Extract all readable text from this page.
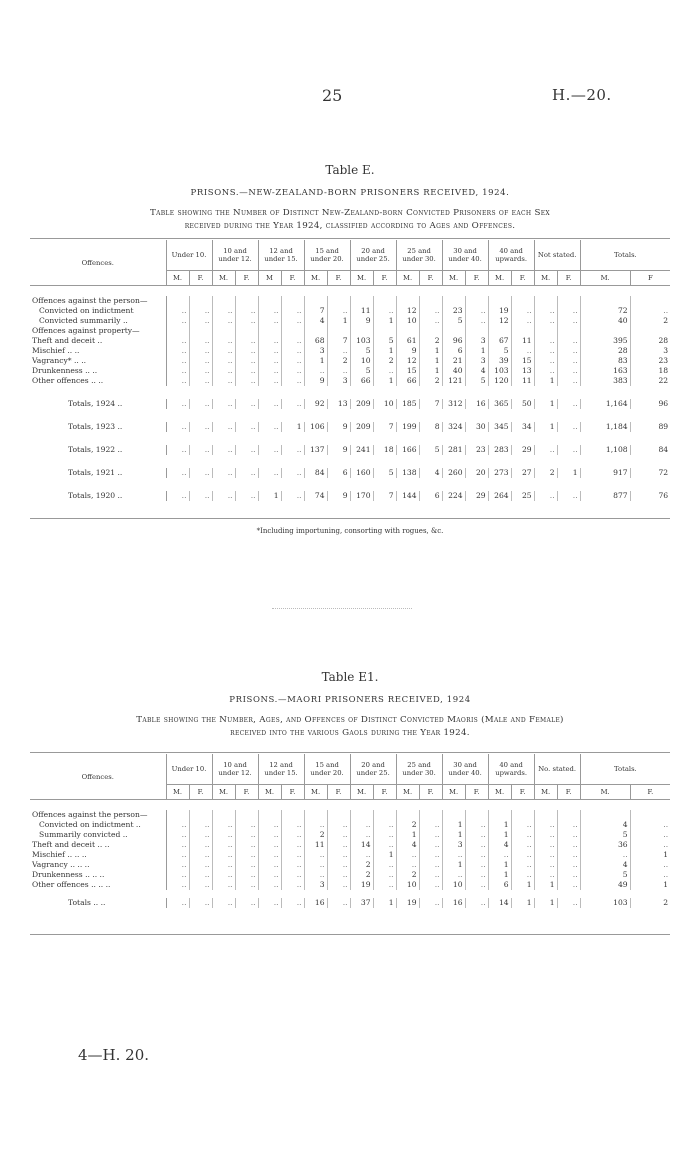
25	H.—20.
Table E.
PRISONS.—NEW-ZEALAND-BORN PRISONERS RECEIVED, 1924.
Table showing the Number of Distinct New-Zealand-born Convicted Prisoners of each Sex
received during the Year 1924, classified according to Ages and Offences.
Offences.	Under 10.		10 and under 12.		12 and under 15.		15 and under 20.		20 and under 25.		25 and under 30.		30 and under 40.		40 and upwards.		Not stated.		Totals.	
	M.	F.	M.	F.	M	F.	M.	F.	M.	F.	M.	F.	M.	F.	M.	F.	M.	F.	M.	F

Offences against the person—																				
Convicted on indictment	..	..	..	..	..	..	7	..	11	..	12	..	23	..	19	..	..	..	72	..
Convicted summarily ..	..	..	..	..	..	..	4	1	9	1	10	..	5	..	12	..	..	..	40	2
Offences against property—																				
Theft and deceit ..	..	..	..	..	..	..	68	7	103	5	61	2	96	3	67	11	..	..	395	28
Mischief .. ..	..	..	..	..	..	..	3	..	5	1	9	1	6	1	5	..	..	..	28	3
Vagrancy* .. ..	..	..	..	..	..	..	1	2	10	2	12	1	21	3	39	15	..	..	83	23
Drunkenness .. ..	..	..	..	..	..	..	..	..	5	..	15	1	40	4	103	13	..	..	163	18
Other offences .. ..	..	..	..	..	..	..	9	3	66	1	66	2	121	5	120	11	1	..	383	22

Totals, 1924 ..	..	..	..	..	..	..	92	13	209	10	185	7	312	16	365	50	1	..	1,164	96

Totals, 1923 ..	..	..	..	..	..	1	106	9	209	7	199	8	324	30	345	34	1	..	1,184	89

Totals, 1922 ..	..	..	..	..	..	..	137	9	241	18	166	5	281	23	283	29	..	..	1,108	84

Totals, 1921 ..	..	..	..	..	..	..	84	6	160	5	138	4	260	20	273	27	2	1	917	72

Totals, 1920 ..	..	..	..	..	1	..	74	9	170	7	144	6	224	29	264	25	..	..	877	76
*Including importuning, consorting with rogues, &c.
Table E1.
PRISONS.—MAORI PRISONERS RECEIVED, 1924
Table showing the Number, Ages, and Offences of Distinct Convicted Maoris (Male and Female)
received into the various Gaols during the Year 1924.
Offences.	Under 10.		10 and under 12.		12 and under 15.		15 and under 20.		20 and under 25.		25 and under 30.		30 and under 40.		40 and upwards.		No. stated.		Totals.	
	M.	F.	M.	F.	M.	F.	M.	F.	M.	F.	M.	F.	M.	F.	M.	F.	M.	F.	M.	F.

Offences against the person—																				
Convicted on indictment ..	..	..	..	..	..	..	..	..	..	..	2	..	1	..	1	..	..	..	4	..
Summarily convicted ..	..	..	..	..	..	..	2	..	..	..	1	..	1	..	1	..	..	..	5	..
Theft and deceit .. ..	..	..	..	..	..	..	11	..	14	..	4	..	3	..	4	..	..	..	36	..
Mischief .. .. ..	..	..	..	..	..	..	..	..	..	1	..	..	..	..	..	..	..	..	..	1
Vagrancy .. .. ..	..	..	..	..	..	..	..	..	2	..	..	..	1	..	1	..	..	..	4	..
Drunkenness .. .. ..	..	..	..	..	..	..	..	..	2	..	2	..	..	..	1	..	..	..	5	..
Other offences .. .. ..	..	..	..	..	..	..	3	..	19	..	10	..	10	..	6	1	1	..	49	1

Totals .. ..	..	..	..	..	..	..	16	..	37	1	19	..	16	..	14	1	1	..	103	2
4—H. 20.
